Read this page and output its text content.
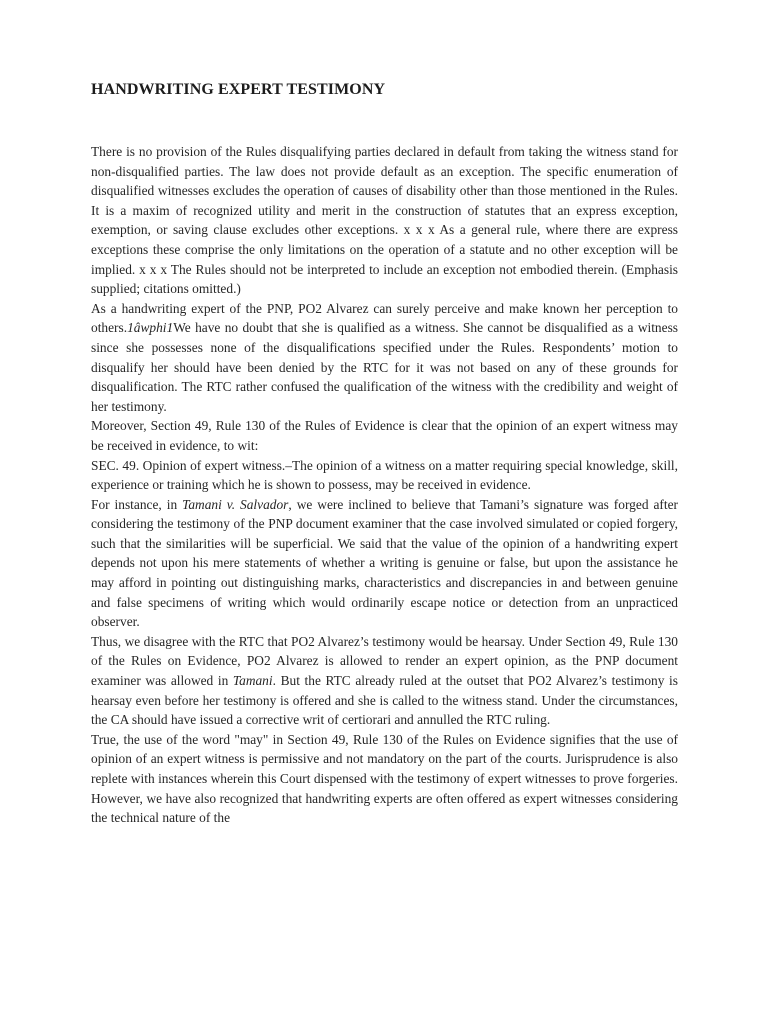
HANDWRITING EXPERT TESTIMONY

There is no provision of the Rules disqualifying parties declared in default from taking the witness stand for non-disqualified parties. The law does not provide default as an exception. The specific enumeration of disqualified witnesses excludes the operation of causes of disability other than those mentioned in the Rules. It is a maxim of recognized utility and merit in the construction of statutes that an express exception, exemption, or saving clause excludes other exceptions. x x x As a general rule, where there are express exceptions these comprise the only limitations on the operation of a statute and no other exception will be implied. x x x The Rules should not be interpreted to include an exception not embodied therein. (Emphasis supplied; citations omitted.)

As a handwriting expert of the PNP, PO2 Alvarez can surely perceive and make known her perception to others.1âwphi1We have no doubt that she is qualified as a witness. She cannot be disqualified as a witness since she possesses none of the disqualifications specified under the Rules. Respondents’ motion to disqualify her should have been denied by the RTC for it was not based on any of these grounds for disqualification. The RTC rather confused the qualification of the witness with the credibility and weight of her testimony.

Moreover, Section 49, Rule 130 of the Rules of Evidence is clear that the opinion of an expert witness may be received in evidence, to wit:

SEC. 49. Opinion of expert witness.–The opinion of a witness on a matter requiring special knowledge, skill, experience or training which he is shown to possess, may be received in evidence.

For instance, in Tamani v. Salvador, we were inclined to believe that Tamani’s signature was forged after considering the testimony of the PNP document examiner that the case involved simulated or copied forgery, such that the similarities will be superficial. We said that the value of the opinion of a handwriting expert depends not upon his mere statements of whether a writing is genuine or false, but upon the assistance he may afford in pointing out distinguishing marks, characteristics and discrepancies in and between genuine and false specimens of writing which would ordinarily escape notice or detection from an unpracticed observer.

Thus, we disagree with the RTC that PO2 Alvarez’s testimony would be hearsay. Under Section 49, Rule 130 of the Rules on Evidence, PO2 Alvarez is allowed to render an expert opinion, as the PNP document examiner was allowed in Tamani. But the RTC already ruled at the outset that PO2 Alvarez’s testimony is hearsay even before her testimony is offered and she is called to the witness stand. Under the circumstances, the CA should have issued a corrective writ of certiorari and annulled the RTC ruling.

True, the use of the word "may" in Section 49, Rule 130 of the Rules on Evidence signifies that the use of opinion of an expert witness is permissive and not mandatory on the part of the courts. Jurisprudence is also replete with instances wherein this Court dispensed with the testimony of expert witnesses to prove forgeries. However, we have also recognized that handwriting experts are often offered as expert witnesses considering the technical nature of the
